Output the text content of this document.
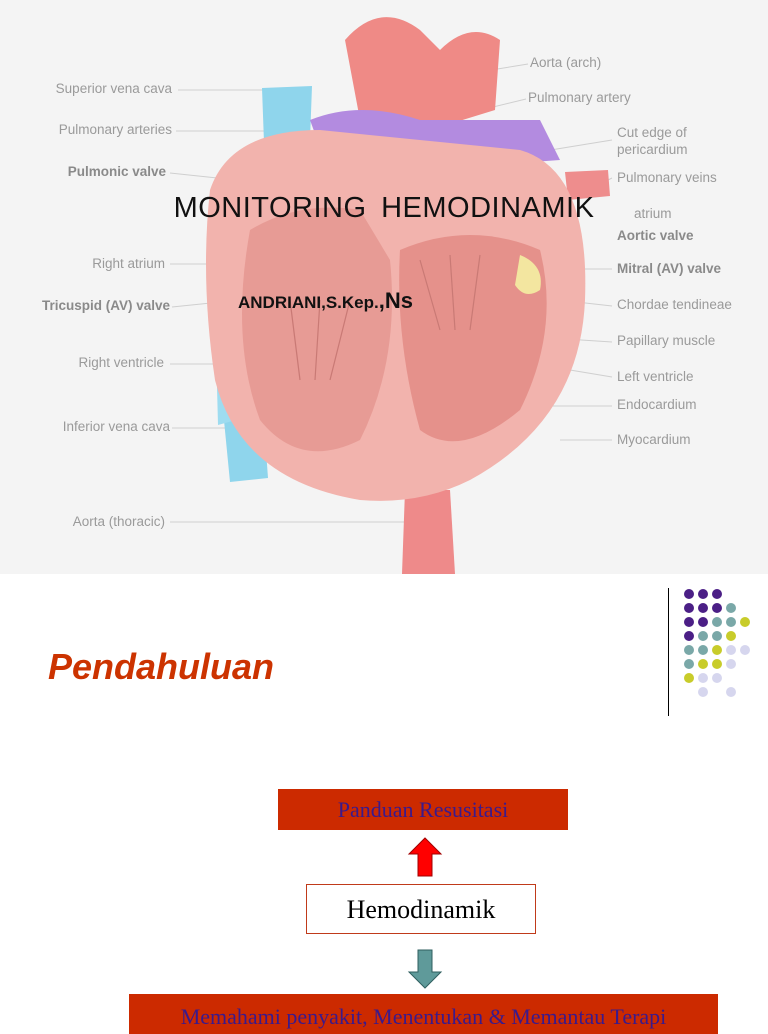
Superior vena cava
Pulmonary arteries
Pulmonic valve
Right atrium
Tricuspid (AV) valve
Right ventricle
Inferior vena cava
Aorta (thoracic)
Aorta (arch)
Pulmonary artery
Cut edge of
pericardium
Pulmonary veins
atrium
Aortic valve
Mitral (AV) valve
Chordae tendineae
Papillary muscle
Left ventricle
Endocardium
Myocardium
MONITORING HEMODINAMIK
ANDRIANI,S.Kep.,Ns
Pendahuluan
Panduan Resusitasi
Hemodinamik
Memahami penyakit, Menentukan & Memantau Terapi
